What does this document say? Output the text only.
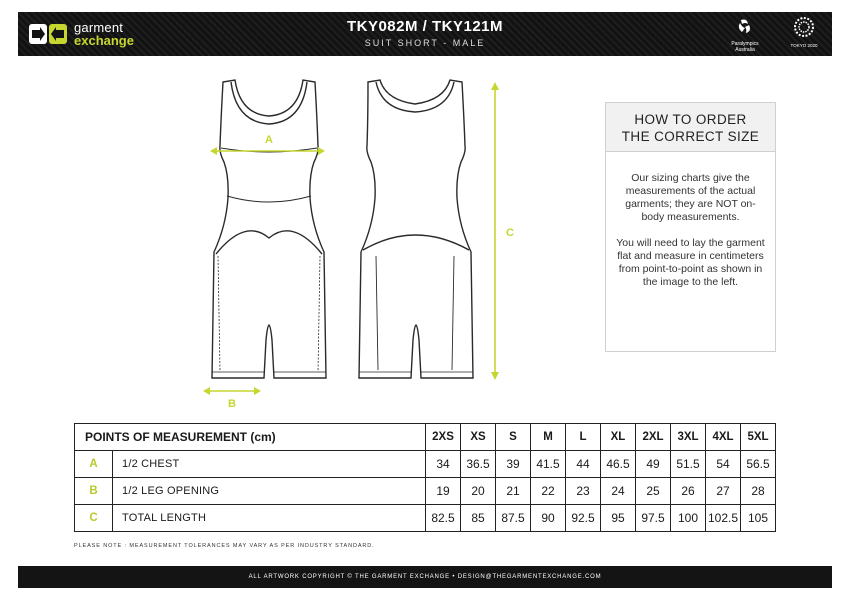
garment
exchange
TKY082M / TKY121M
SUIT SHORT - MALE	Paralympics
Australia
TOKYO 2020
A
B
C
HOW TO ORDER
THE CORRECT SIZE

Our sizing charts give the measurements of the actual garments; they are NOT on-body measurements.

You will need to lay the garment flat and measure in centimeters from point-to-point as shown in the image to the left.

POINTS OF MEASUREMENT (cm)		2XS	XS	S	M	L	XL	2XL	3XL	4XL	5XL
A	1/2 CHEST	34	36.5	39	41.5	44	46.5	49	51.5	54	56.5
B	1/2 LEG OPENING	19	20	21	22	23	24	25	26	27	28
C	TOTAL LENGTH	82.5	85	87.5	90	92.5	95	97.5	100	102.5	105
PLEASE NOTE : MEASUREMENT TOLERANCES MAY VARY AS PER INDUSTRY STANDARD.
ALL ARTWORK COPYRIGHT © THE GARMENT EXCHANGE • DESIGN@THEGARMENTEXCHANGE.COM
